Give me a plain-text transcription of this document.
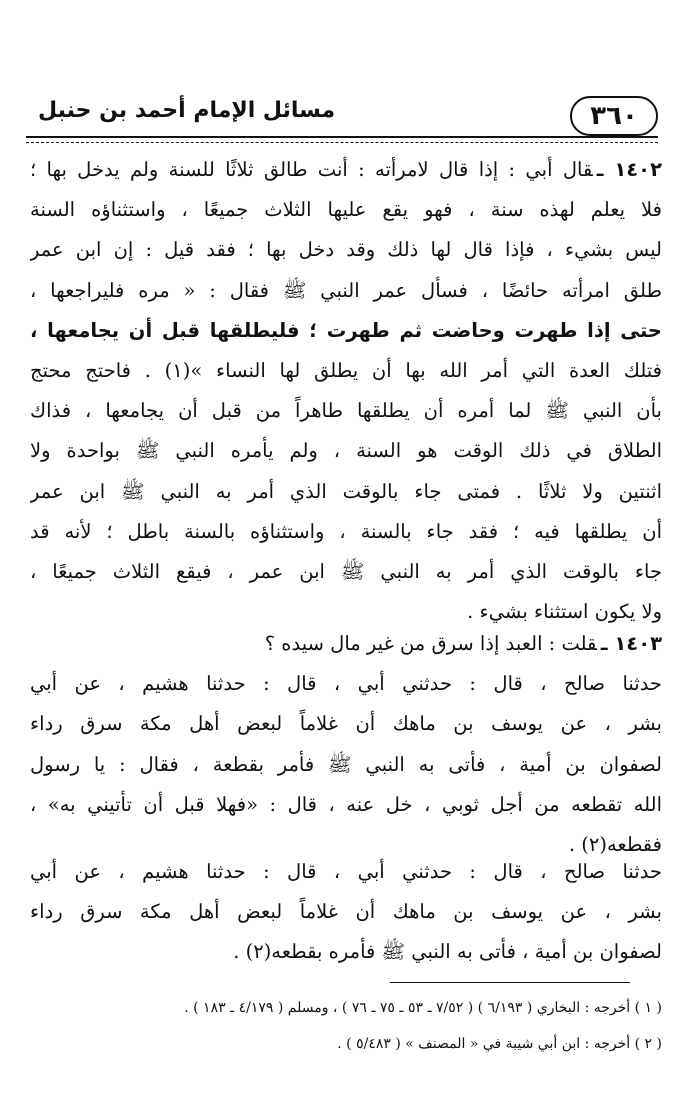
٣٦٠
مسائل الإمام أحمد بن حنبل
١٤٠٢ ـقال أبي : إذا قال لامرأته : أنت طالق ثلاثًا للسنة ولم يدخل بها ؛
فلا يعلم لهذه سنة ، فهو يقع عليها الثلاث جميعًا ، واستثناؤه السنة
ليس بشيء ، فإذا قال لها ذلك وقد دخل بها ؛ فقد قيل : إن ابن عمر
طلق امرأته حائضًا ، فسأل عمر النبي ﷺ فقال : « مره فليراجعها ،
حتى إذا طهرت وحاضت ثم طهرت ؛ فليطلقها قبل أن يجامعها ،
فتلك العدة التي أمر الله بها أن يطلق لها النساء »(١) . فاحتج محتج
بأن النبي ﷺ لما أمره أن يطلقها طاهراً من قبل أن يجامعها ، فذاك
الطلاق في ذلك الوقت هو السنة ، ولم يأمره النبي ﷺ بواحدة ولا
اثنتين ولا ثلاثًا . فمتى جاء بالوقت الذي أمر به النبي ﷺ ابن عمر
أن يطلقها فيه ؛ فقد جاء بالسنة ، واستثناؤه بالسنة باطل ؛ لأنه قد
جاء بالوقت الذي أمر به النبي ﷺ ابن عمر ، فيقع الثلاث جميعًا ،
ولا يكون استثناء بشيء .
١٤٠٣ ـقلت : العبد إذا سرق من غير مال سيده ؟
حدثنا صالح ، قال : حدثني أبي ، قال : حدثنا هشيم ، عن أبي
بشر ، عن يوسف بن ماهك أن غلاماً لبعض أهل مكة سرق رداء
لصفوان بن أمية ، فأتى به النبي ﷺ فأمر بقطعة ، فقال : يا رسول
الله تقطعه من أجل ثوبي ، خل عنه ، قال : «فهلا قبل أن تأتيني به» ،
فقطعه(٢) .
حدثنا صالح ، قال : حدثني أبي ، قال : حدثنا هشيم ، عن أبي
بشر ، عن يوسف بن ماهك أن غلاماً لبعض أهل مكة سرق رداء
لصفوان بن أمية ، فأتى به النبي ﷺ فأمره بقطعه(٢) .
( ١ ) أخرجه : البخاري ( ٦/١٩٣ ) ( ٧/٥٢ ـ ٥٣ ـ ٧٥ ـ ٧٦ ) ، ومسلم ( ٤/١٧٩ ـ ١٨٣ ) .
( ٢ ) أخرجه : ابن أبي شيبة في « المصنف » ( ٥/٤٨٣ ) .
